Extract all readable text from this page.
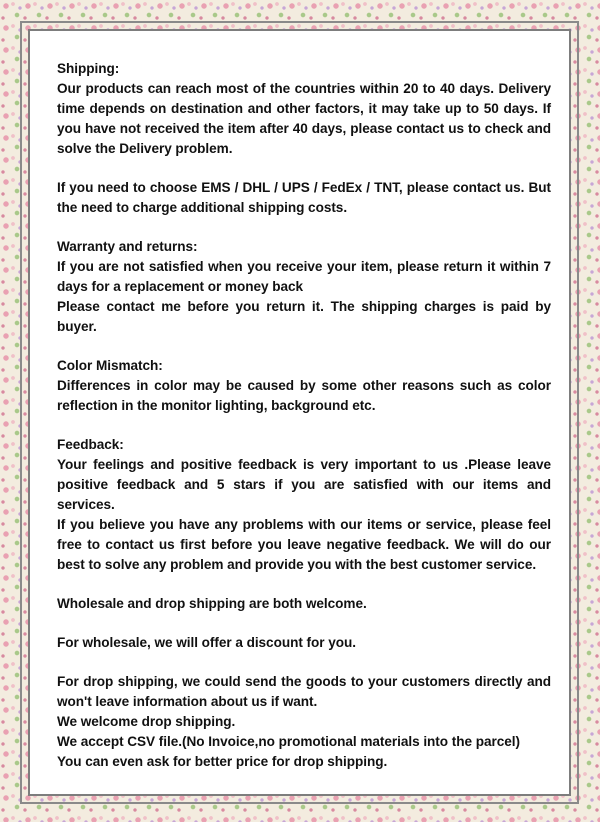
Shipping:
Our products can reach most of the countries within 20 to 40 days. Delivery
time depends on destination and other factors, it may take up to 50 days. If
you have not received the item after 40 days, please contact us to check and
solve the Delivery problem.
If you need to choose EMS / DHL / UPS / FedEx / TNT, please contact us. But
the need to charge additional shipping costs.
Warranty and returns:
If you are not satisfied when you receive your item, please return it within 7
days for a replacement or money back
Please contact me before you return it. The shipping charges is paid by
buyer.
Color Mismatch:
Differences in color may be caused by some other reasons such as color
reflection in the monitor lighting, background etc.
Feedback:
Your feelings and positive feedback is very important to us .Please leave
positive feedback and 5 stars if you are satisfied with our items and services.
If you believe you have any problems with our items or service, please feel
free to contact us first before you leave negative feedback. We will do our
best to solve any problem and provide you with the best customer service.
Wholesale and drop shipping are both welcome.
For wholesale, we will offer a discount for you.
For drop shipping, we could send the goods to your customers directly and
won't leave information about us if want.
We welcome drop shipping.
We accept CSV file.(No Invoice,no promotional materials into the parcel)
You can even ask for better price for drop shipping.
